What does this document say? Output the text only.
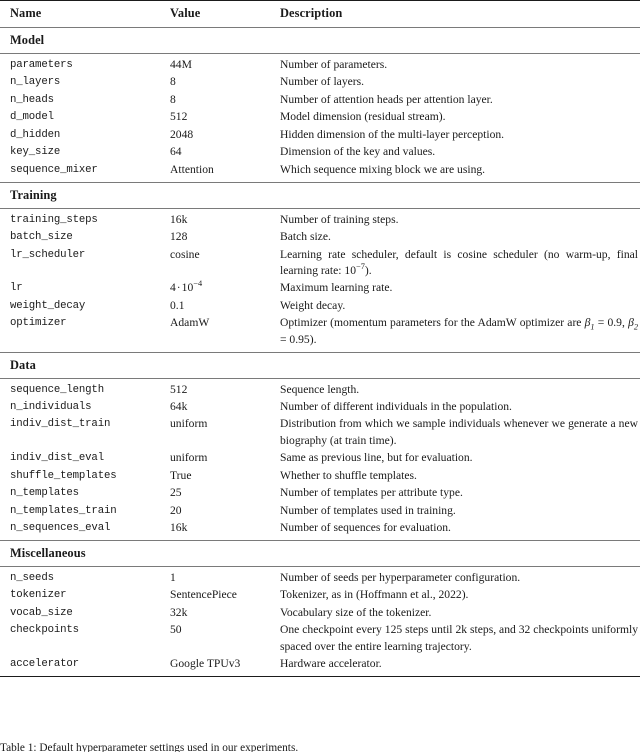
Name	Value	Description

Model		

parameters	44M	Number of parameters.
n_layers	8	Number of layers.
n_heads	8	Number of attention heads per attention layer.
d_model	512	Model dimension (residual stream).
d_hidden	2048	Hidden dimension of the multi-layer perception.
key_size	64	Dimension of the key and values.
sequence_mixer	Attention	Which sequence mixing block we are using.

Training		

training_steps	16k	Number of training steps.
batch_size	128	Batch size.
lr_scheduler	cosine	Learning rate scheduler, default is cosine scheduler (no warm-up, final learning rate: $10^{-7}$).
lr	$4\cdot 10^{-4}$	Maximum learning rate.
weight_decay	0.1	Weight decay.
optimizer	AdamW	Optimizer (momentum parameters for the AdamW optimizer are $\beta_1 = 0.9$, $\beta_2 = 0.95$).

Data		

sequence_length	512	Sequence length.
n_individuals	64k	Number of different individuals in the population.
indiv_dist_train	uniform	Distribution from which we sample individuals whenever we generate a new biography (at train time).
indiv_dist_eval	uniform	Same as previous line, but for evaluation.
shuffle_templates	True	Whether to shuffle templates.
n_templates	25	Number of templates per attribute type.
n_templates_train	20	Number of templates used in training.
n_sequences_eval	16k	Number of sequences for evaluation.

Miscellaneous		

n_seeds	1	Number of seeds per hyperparameter configuration.
tokenizer	SentencePiece	Tokenizer, as in (Hoffmann et al., 2022).
vocab_size	32k	Vocabulary size of the tokenizer.
checkpoints	50	One checkpoint every 125 steps until 2k steps, and 32 checkpoints uniformly spaced over the entire learning trajectory.
accelerator	Google TPUv3	Hardware accelerator.

Table 1: Default hyperparameter settings used in our experiments.
